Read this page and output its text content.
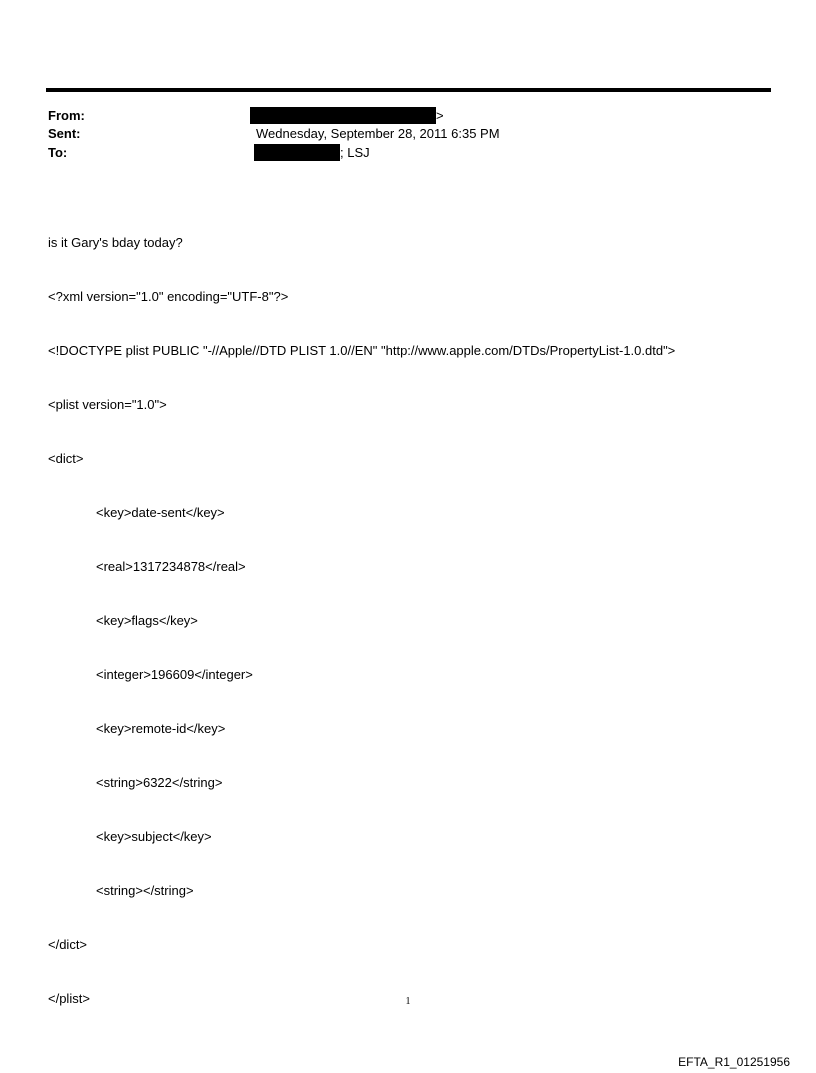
From:	>
Sent:	Wednesday, September 28, 2011 6:35 PM
To:	; LSJ

is it Gary's bday today?

<?xml version="1.0" encoding="UTF-8"?>

<!DOCTYPE plist PUBLIC "-//Apple//DTD PLIST 1.0//EN" "http://www.apple.com/DTDs/PropertyList-1.0.dtd">

<plist version="1.0">

<dict>

<key>date-sent</key>

<real>1317234878</real>

<key>flags</key>

<integer>196609</integer>

<key>remote-id</key>

<string>6322</string>

<key>subject</key>

<string></string>

</dict>

</plist>	1
EFTA_R1_01251956
